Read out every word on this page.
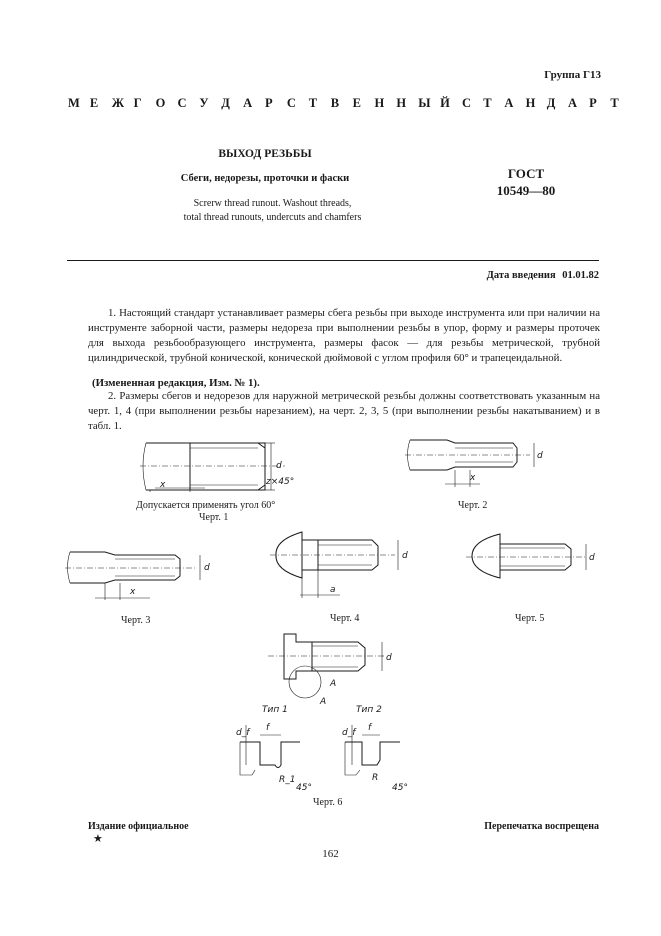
Группа Г13
М Е	Ж Г	О С	У	Д	А	Р	С	Т	В	Е	Н Н Ы Й С Т	А Н Д	А Р	Т
ВЫХОД РЕЗЬБЫ
Сбеги, недорезы, проточки и фаски
Screrw thread runout. Washout threads,
total thread runouts, undercuts and chamfers
ГОСТ
10549—80
Дата введения 01.01.82
1. Настоящий стандарт устанавливает размеры сбега резьбы при выходе инструмента или при наличии на инструменте заборной части, размеры недореза при выполнении резьбы в упор, форму и размеры проточек для выхода резьбообразующего инструмента, размеры фасок — для резьбы метрической, трубной цилиндрической, трубной конической, конической дюймовой с углом профиля 60° и трапецеидальной.
(Измененная редакция, Изм. № 1).
2. Размеры сбегов и недорезов для наружной метрической резьбы должны соответствовать указанным на черт. 1, 4 (при выполнении резьбы нарезанием), на черт. 2, 3, 5 (при выполнении резьбы накатыванием) и в табл. 1.
d
x	z×45°
d
x
d
x
d
a
d
d
A
A
Тип 1	Тип 2
d_f f
R_1
45°
d_f f
R
45°
Допускается применять угол 60°
Черт. 1
Черт. 2
Черт. 3	Черт. 4	Черт. 5
Черт. 6
Издание официальное	Перепечатка воспрещена
★
162
